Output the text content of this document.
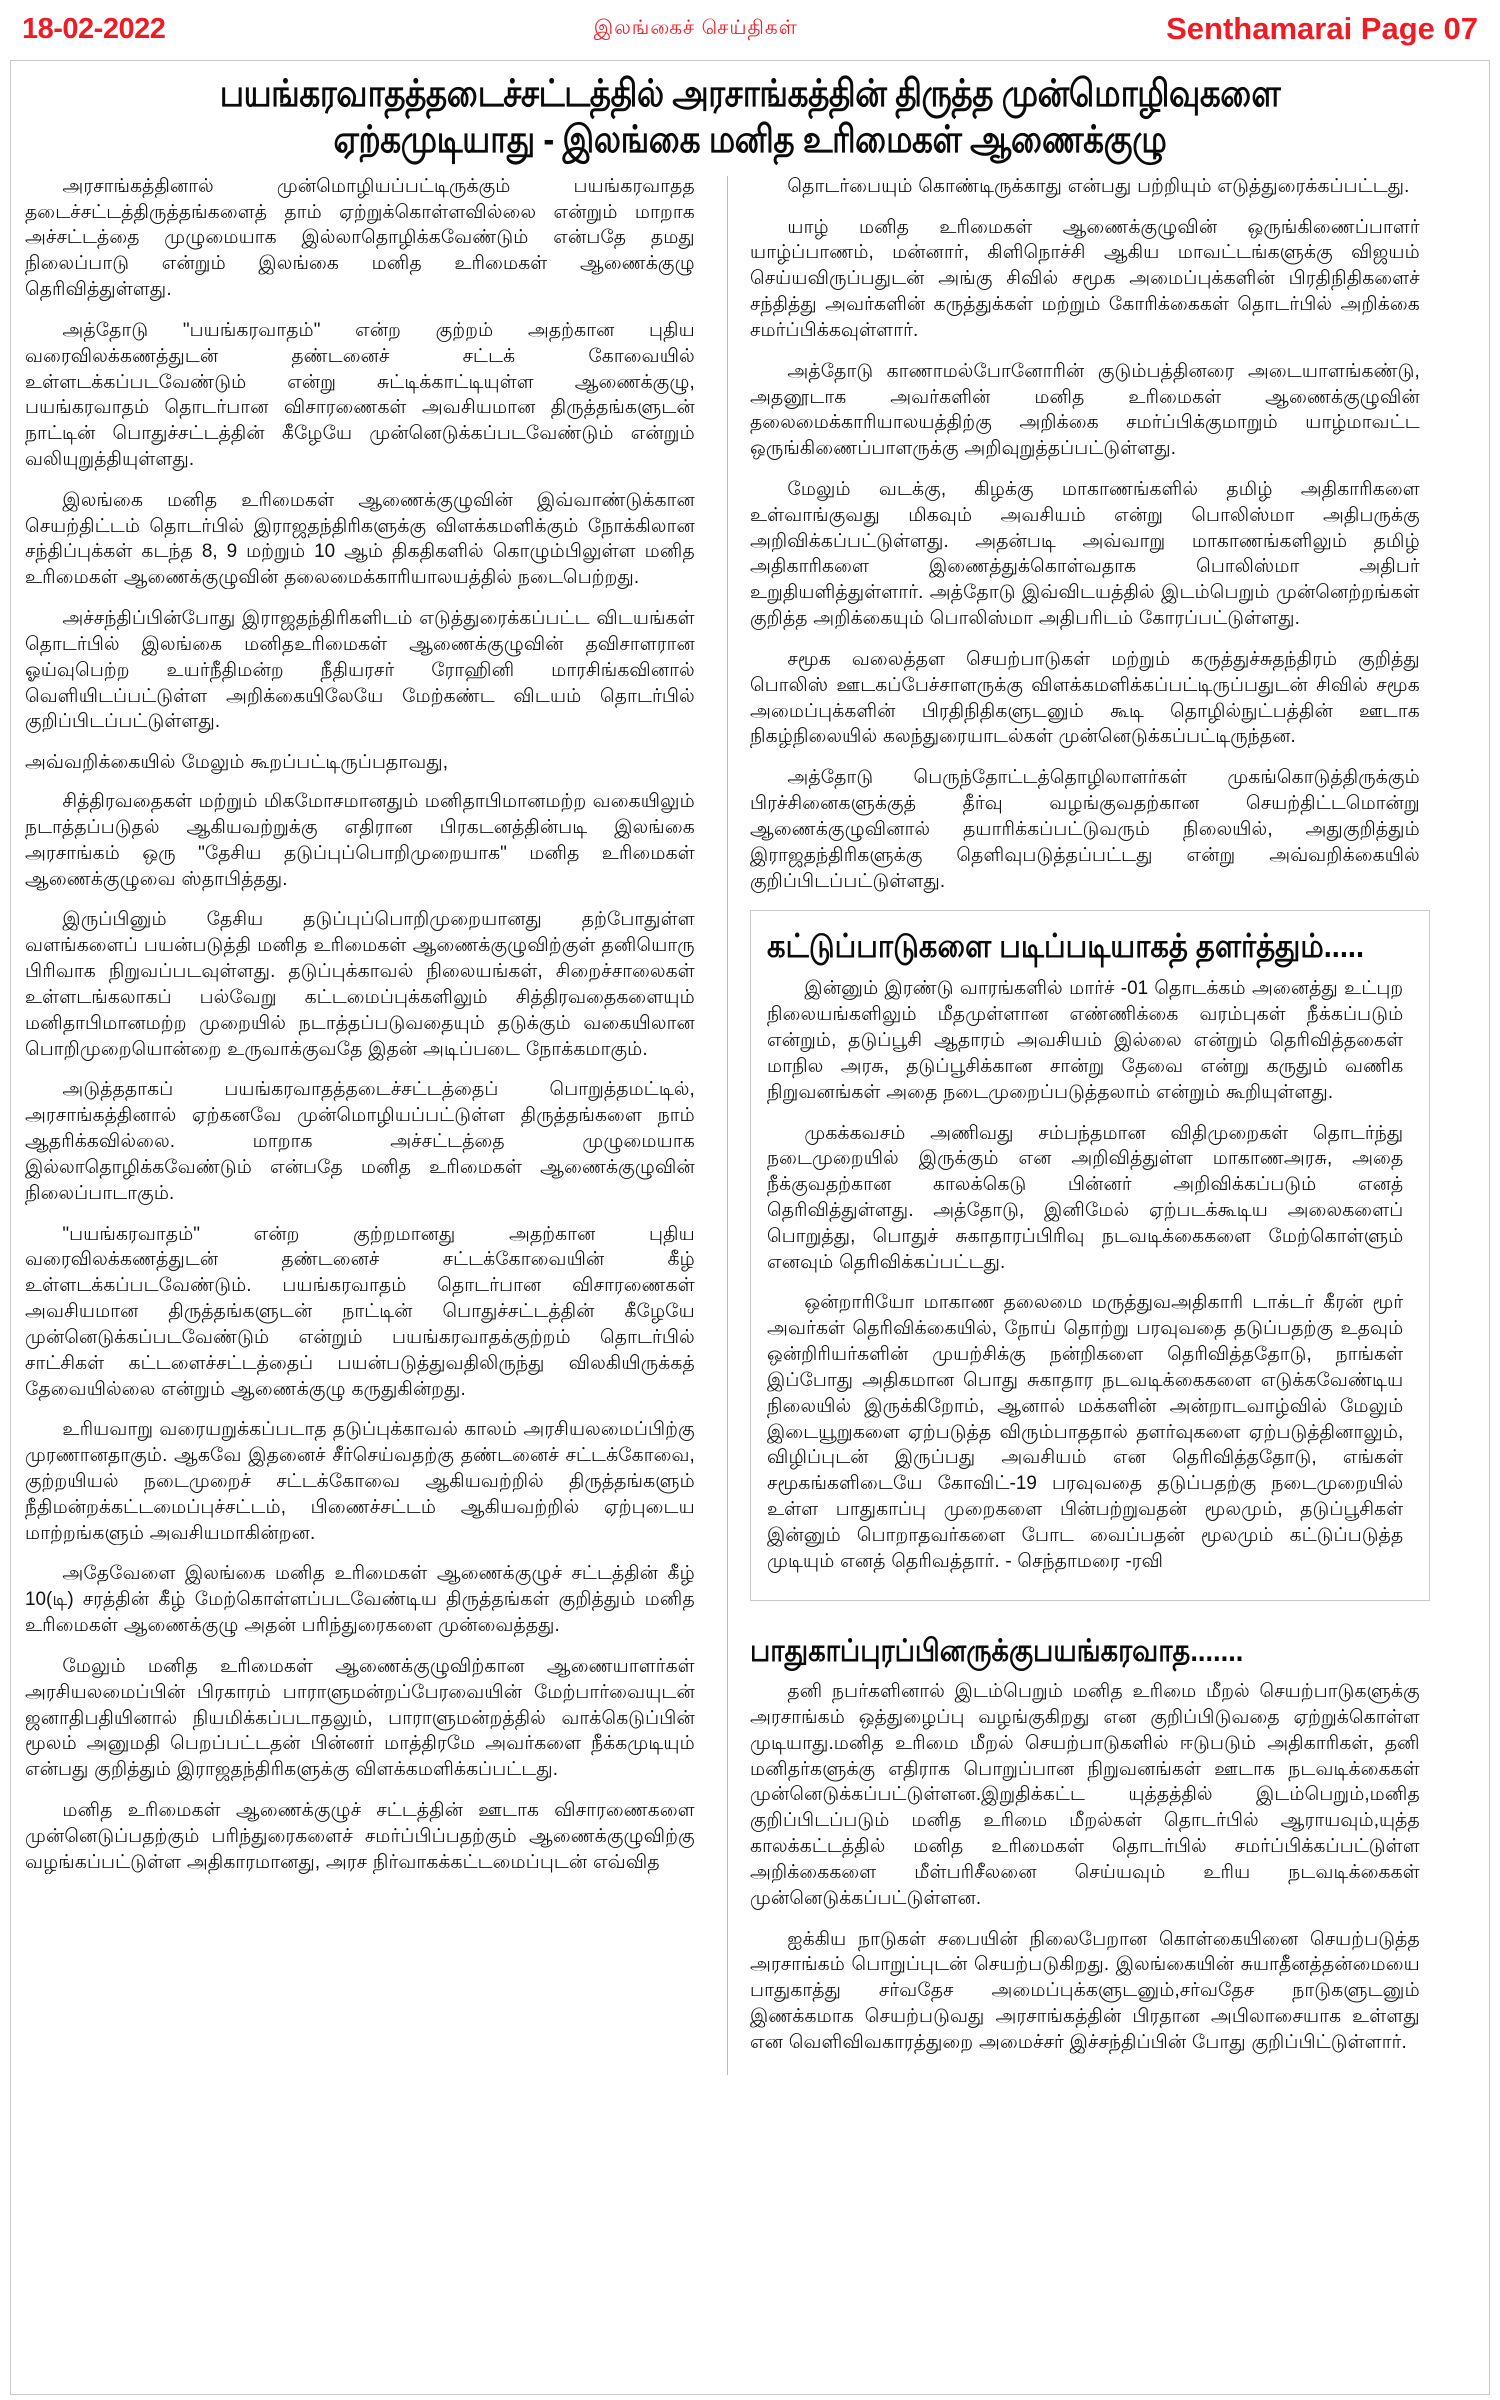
18-02-2022	இலங்கைச் செய்திகள்	Senthamarai Page 07
பயங்கரவாதத்தடைச்சட்டத்தில் அரசாங்கத்தின் திருத்த முன்மொழிவுகளை
ஏற்கமுடியாது - இலங்கை மனித உரிமைகள் ஆணைக்குழு

அரசாங்கத்தினால் முன்மொழியப்பட்டிருக்கும் பயங்கரவாதத தடைச்சட்டத்திருத்தங்களைத் தாம் ஏற்றுக்கொள்ளவில்லை என்றும் மாறாக அச்சட்டத்தை முழுமையாக இல்லாதொழிக்கவேண்டும் என்பதே தமது நிலைப்பாடு என்றும் இலங்கை மனித உரிமைகள் ஆணைக்குழு தெரிவித்துள்ளது.

அத்தோடு "பயங்கரவாதம்" என்ற குற்றம் அதற்கான புதிய வரைவிலக்கணத்துடன் தண்டனைச் சட்டக் கோவையில் உள்ளடக்கப்படவேண்டும் என்று சுட்டிக்காட்டியுள்ள ஆணைக்குழு, பயங்கரவாதம் தொடர்பான விசாரணைகள் அவசியமான திருத்தங்களுடன் நாட்டின் பொதுச்சட்டத்தின் கீழேயே முன்னெடுக்கப்படவேண்டும் என்றும் வலியுறுத்தியுள்ளது.

இலங்கை மனித உரிமைகள் ஆணைக்குழுவின் இவ்வாண்டுக்கான செயற்திட்டம் தொடர்பில் இராஜதந்திரிகளுக்கு விளக்கமளிக்கும் நோக்கிலான சந்திப்புக்கள் கடந்த 8, 9 மற்றும் 10 ஆம் திகதிகளில் கொழும்பிலுள்ள மனித உரிமைகள் ஆணைக்குழுவின் தலைமைக்காரியாலயத்தில் நடைபெற்றது.

அச்சந்திப்பின்போது இராஜதந்திரிகளிடம் எடுத்துரைக்கப்பட்ட விடயங்கள் தொடர்பில் இலங்கை மனிதஉரிமைகள் ஆணைக்குழுவின் தவிசாளரான ஓய்வுபெற்ற உயர்நீதிமன்ற நீதியரசர் ரோஹினி மாரசிங்கவினால் வெளியிடப்பட்டுள்ள அறிக்கையிலேயே மேற்கண்ட விடயம் தொடர்பில் குறிப்பிடப்பட்டுள்ளது.

அவ்வறிக்கையில் மேலும் கூறப்பட்டிருப்பதாவது,

சித்திரவதைகள் மற்றும் மிகமோசமானதும் மனிதாபிமானமற்ற வகையிலும் நடாத்தப்படுதல் ஆகியவற்றுக்கு எதிரான பிரகடனத்தின்படி இலங்கை அரசாங்கம் ஒரு "தேசிய தடுப்புப்பொறிமுறையாக" மனித உரிமைகள் ஆணைக்குழுவை ஸ்தாபித்தது.

இருப்பினும் தேசிய தடுப்புப்பொறிமுறையானது தற்போதுள்ள வளங்களைப் பயன்படுத்தி மனித உரிமைகள் ஆணைக்குழுவிற்குள் தனியொரு பிரிவாக நிறுவப்படவுள்ளது. தடுப்புக்காவல் நிலையங்கள், சிறைச்சாலைகள் உள்ளடங்கலாகப் பல்வேறு கட்டமைப்புக்களிலும் சித்திரவதைகளையும் மனிதாபிமானமற்ற முறையில் நடாத்தப்படுவதையும் தடுக்கும் வகையிலான பொறிமுறையொன்றை உருவாக்குவதே இதன் அடிப்படை நோக்கமாகும்.

அடுத்ததாகப் பயங்கரவாதத்தடைச்சட்டத்தைப் பொறுத்தமட்டில், அரசாங்கத்தினால் ஏற்கனவே முன்மொழியப்பட்டுள்ள திருத்தங்களை நாம் ஆதரிக்கவில்லை. மாறாக அச்சட்டத்தை முழுமையாக இல்லாதொழிக்கவேண்டும் என்பதே மனித உரிமைகள் ஆணைக்குழுவின் நிலைப்பாடாகும்.

"பயங்கரவாதம்" என்ற குற்றமானது அதற்கான புதிய வரைவிலக்கணத்துடன் தண்டனைச் சட்டக்கோவையின் கீழ் உள்ளடக்கப்படவேண்டும். பயங்கரவாதம் தொடர்பான விசாரணைகள் அவசியமான திருத்தங்களுடன் நாட்டின் பொதுச்சட்டத்தின் கீழேயே முன்னெடுக்கப்படவேண்டும் என்றும் பயங்கரவாதக்குற்றம் தொடர்பில் சாட்சிகள் கட்டளைச்சட்டத்தைப் பயன்படுத்துவதிலிருந்து விலகியிருக்கத் தேவையில்லை என்றும் ஆணைக்குழு கருதுகின்றது.

உரியவாறு வரையறுக்கப்படாத தடுப்புக்காவல் காலம் அரசியலமைப்பிற்கு முரணானதாகும். ஆகவே இதனைச் சீர்செய்வதற்கு தண்டனைச் சட்டக்கோவை, குற்றயியல் நடைமுறைச் சட்டக்கோவை ஆகியவற்றில் திருத்தங்களும் நீதிமன்றக்கட்டமைப்புச்சட்டம், பிணைச்சட்டம் ஆகியவற்றில் ஏற்புடைய மாற்றங்களும் அவசியமாகின்றன.

அதேவேளை இலங்கை மனித உரிமைகள் ஆணைக்குழுச் சட்டத்தின் கீழ் 10(டி) சரத்தின் கீழ் மேற்கொள்ளப்படவேண்டிய திருத்தங்கள் குறித்தும் மனித உரிமைகள் ஆணைக்குழு அதன் பரிந்துரைகளை முன்வைத்தது.

மேலும் மனித உரிமைகள் ஆணைக்குழுவிற்கான ஆணையாளர்கள் அரசியலமைப்பின் பிரகாரம் பாராளுமன்றப்பேரவையின் மேற்பார்வையுடன் ஜனாதிபதியினால் நியமிக்கப்படாதலும், பாராளுமன்றத்தில் வாக்கெடுப்பின் மூலம் அனுமதி பெறப்பட்டதன் பின்னர் மாத்திரமே அவர்களை நீக்கமுடியும் என்பது குறித்தும் இராஜதந்திரிகளுக்கு விளக்கமளிக்கப்பட்டது.

மனித உரிமைகள் ஆணைக்குழுச் சட்டத்தின் ஊடாக விசாரணைகளை முன்னெடுப்பதற்கும் பரிந்துரைகளைச் சமர்ப்பிப்பதற்கும் ஆணைக்குழுவிற்கு வழங்கப்பட்டுள்ள அதிகாரமானது, அரச நிர்வாகக்கட்டமைப்புடன் எவ்வித

தொடர்பையும் கொண்டிருக்காது என்பது பற்றியும் எடுத்துரைக்கப்பட்டது.

யாழ் மனித உரிமைகள் ஆணைக்குழுவின் ஒருங்கிணைப்பாளர் யாழ்ப்பாணம், மன்னார், கிளிநொச்சி ஆகிய மாவட்டங்களுக்கு விஜயம் செய்யவிருப்பதுடன் அங்கு சிவில் சமூக அமைப்புக்களின் பிரதிநிதிகளைச் சந்தித்து அவர்களின் கருத்துக்கள் மற்றும் கோரிக்கைகள் தொடர்பில் அறிக்கை சமர்ப்பிக்கவுள்ளார்.

அத்தோடு காணாமல்போனோரின் குடும்பத்தினரை அடையாளங்கண்டு, அதனூடாக அவர்களின் மனித உரிமைகள் ஆணைக்குழுவின் தலைமைக்காரியாலயத்திற்கு அறிக்கை சமர்ப்பிக்குமாறும் யாழ்மாவட்ட ஒருங்கிணைப்பாளருக்கு அறிவுறுத்தப்பட்டுள்ளது.

மேலும் வடக்கு, கிழக்கு மாகாணங்களில் தமிழ் அதிகாரிகளை உள்வாங்குவது மிகவும் அவசியம் என்று பொலிஸ்மா அதிபருக்கு அறிவிக்கப்பட்டுள்ளது. அதன்படி அவ்வாறு மாகாணங்களிலும் தமிழ் அதிகாரிகளை இணைத்துக்கொள்வதாக பொலிஸ்மா அதிபர் உறுதியளித்துள்ளார். அத்தோடு இவ்விடயத்தில் இடம்பெறும் முன்னெற்றங்கள் குறித்த அறிக்கையும் பொலிஸ்மா அதிபரிடம் கோரப்பட்டுள்ளது.

சமூக வலைத்தள செயற்பாடுகள் மற்றும் கருத்துச்சுதந்திரம் குறித்து பொலிஸ் ஊடகப்பேச்சாளருக்கு விளக்கமளிக்கப்பட்டிருப்பதுடன் சிவில் சமூக அமைப்புக்களின் பிரதிநிதிகளுடனும் கூடி தொழில்நுட்பத்தின் ஊடாக நிகழ்நிலையில் கலந்துரையாடல்கள் முன்னெடுக்கப்பட்டிருந்தன.

அத்தோடு பெருந்தோட்டத்தொழிலாளர்கள் முகங்கொடுத்திருக்கும் பிரச்சினைகளுக்குத் தீர்வு வழங்குவதற்கான செயற்திட்டமொன்று ஆணைக்குழுவினால் தயாரிக்கப்பட்டுவரும் நிலையில், அதுகுறித்தும் இராஜதந்திரிகளுக்கு தெளிவுபடுத்தப்பட்டது என்று அவ்வறிக்கையில் குறிப்பிடப்பட்டுள்ளது.

கட்டுப்பாடுகளை படிப்படியாகத் தளர்த்தும்.....

இன்னும் இரண்டு வாரங்களில் மார்ச் -01 தொடக்கம் அனைத்து உட்புற நிலையங்களிலும் மீதமுள்ளான எண்ணிக்கை வரம்புகள் நீக்கப்படும் என்றும், தடுப்பூசி ஆதாரம் அவசியம் இல்லை என்றும் தெரிவித்தகைள் மாநில அரசு, தடுப்பூசிக்கான சான்று தேவை என்று கருதும் வணிக நிறுவனங்கள் அதை நடைமுறைப்படுத்தலாம் என்றும் கூறியுள்ளது.

முகக்கவசம் அணிவது சம்பந்தமான விதிமுறைகள் தொடர்ந்து நடைமுறையில் இருக்கும் என அறிவித்துள்ள மாகாணஅரசு, அதை நீக்குவதற்கான காலக்கெடு பின்னர் அறிவிக்கப்படும் எனத் தெரிவித்துள்ளது. அத்தோடு, இனிமேல் ஏற்படக்கூடிய அலைகளைப் பொறுத்து, பொதுச் சுகாதாரப்பிரிவு நடவடிக்கைகளை மேற்கொள்ளும் எனவும் தெரிவிக்கப்பட்டது.

ஒன்றாரியோ மாகாண தலைமை மருத்துவஅதிகாரி டாக்டர் கீரன் மூர் அவர்கள் தெரிவிக்கையில், நோய் தொற்று பரவுவதை தடுப்பதற்கு உதவும் ஒன்றிரியர்களின் முயற்சிக்கு நன்றிகளை தெரிவித்ததோடு, நாங்கள் இப்போது அதிகமான பொது சுகாதார நடவடிக்கைகளை எடுக்கவேண்டிய நிலையில் இருக்கிறோம், ஆனால் மக்களின் அன்றாடவாழ்வில் மேலும் இடையூறுகளை ஏற்படுத்த விரும்பாததால் தளர்வுகளை ஏற்படுத்தினாலும், விழிப்புடன் இருப்பது அவசியம் என தெரிவித்ததோடு, எங்கள் சமூகங்களிடையே கோவிட்-19 பரவுவதை தடுப்பதற்கு நடைமுறையில் உள்ள பாதுகாப்பு முறைகளை பின்பற்றுவதன் மூலமும், தடுப்பூசிகள் இன்னும் பொறாதவர்களை போட வைப்பதன் மூலமும் கட்டுப்படுத்த முடியும் எனத் தெரிவத்தார். - செந்தாமரை -ரவி

பாதுகாப்புரப்பினருக்குபயங்கரவாத.......

தனி நபர்களினால் இடம்பெறும் மனித உரிமை மீறல் செயற்பாடுகளுக்கு அரசாங்கம் ஒத்துழைப்பு வழங்குகிறது என குறிப்பிடுவதை ஏற்றுக்கொள்ள முடியாது.மனித உரிமை மீறல் செயற்பாடுகளில் ஈடுபடும் அதிகாரிகள், தனி மனிதர்களுக்கு எதிராக பொறுப்பான நிறுவனங்கள் ஊடாக நடவடிக்கைகள் முன்னெடுக்கப்பட்டுள்ளன.இறுதிக்கட்ட யுத்தத்தில் இடம்பெறும்,மனித குறிப்பிடப்படும் மனித உரிமை மீறல்கள் தொடர்பில் ஆராயவும்,யுத்த காலக்கட்டத்தில் மனித உரிமைகள் தொடர்பில் சமர்ப்பிக்கப்பட்டுள்ள அறிக்கைகளை மீள்பரிசீலனை செய்யவும் உரிய நடவடிக்கைகள் முன்னெடுக்கப்பட்டுள்ளன.

ஐக்கிய நாடுகள் சபையின் நிலைபேறான கொள்கையினை செயற்படுத்த அரசாங்கம் பொறுப்புடன் செயற்படுகிறது. இலங்கையின் சுயாதீனத்தன்மையை பாதுகாத்து சர்வதேச அமைப்புக்களுடனும்,சர்வதேச நாடுகளுடனும் இணக்கமாக செயற்படுவது அரசாங்கத்தின் பிரதான அபிலாசையாக உள்ளது என வெளிவிவகாரத்துறை அமைச்சர் இச்சந்திப்பின் போது குறிப்பிட்டுள்ளார்.
